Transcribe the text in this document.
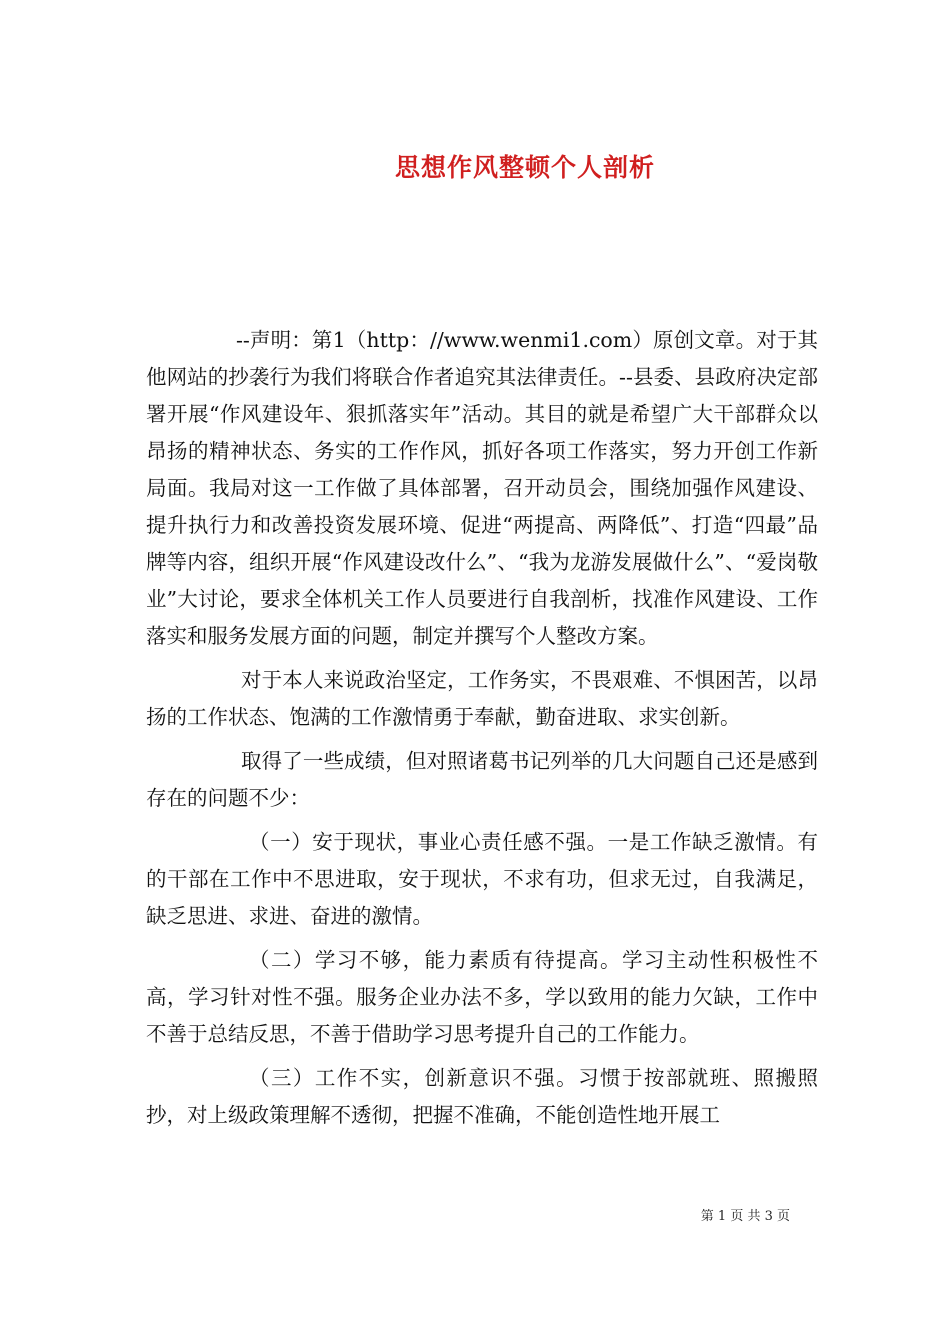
思想作风整顿个人剖析

--声明：第1（http：//www.wenmi1.com）原创文章。对于其他网站的抄袭行为我们将联合作者追究其法律责任。--县委、县政府决定部署开展“作风建设年、狠抓落实年”活动。其目的就是希望广大干部群众以昂扬的精神状态、务实的工作作风，抓好各项工作落实，努力开创工作新局面。我局对这一工作做了具体部署，召开动员会，围绕加强作风建设、提升执行力和改善投资发展环境、促进“两提高、两降低”、打造“四最”品牌等内容，组织开展“作风建设改什么”、“我为龙游发展做什么”、“爱岗敬业”大讨论，要求全体机关工作人员要进行自我剖析，找准作风建设、工作落实和服务发展方面的问题，制定并撰写个人整改方案。

对于本人来说政治坚定，工作务实，不畏艰难、不惧困苦，以昂扬的工作状态、饱满的工作激情勇于奉献，勤奋进取、求实创新。

取得了一些成绩，但对照诸葛书记列举的几大问题自己还是感到存在的问题不少：

（一）安于现状，事业心责任感不强。一是工作缺乏激情。有的干部在工作中不思进取，安于现状，不求有功，但求无过，自我满足，缺乏思进、求进、奋进的激情。

（二）学习不够，能力素质有待提高。学习主动性积极性不高，学习针对性不强。服务企业办法不多，学以致用的能力欠缺，工作中不善于总结反思，不善于借助学习思考提升自己的工作能力。

（三）工作不实，创新意识不强。习惯于按部就班、照搬照抄，对上级政策理解不透彻，把握不准确，不能创造性地开展工

第 1 页 共 3 页
